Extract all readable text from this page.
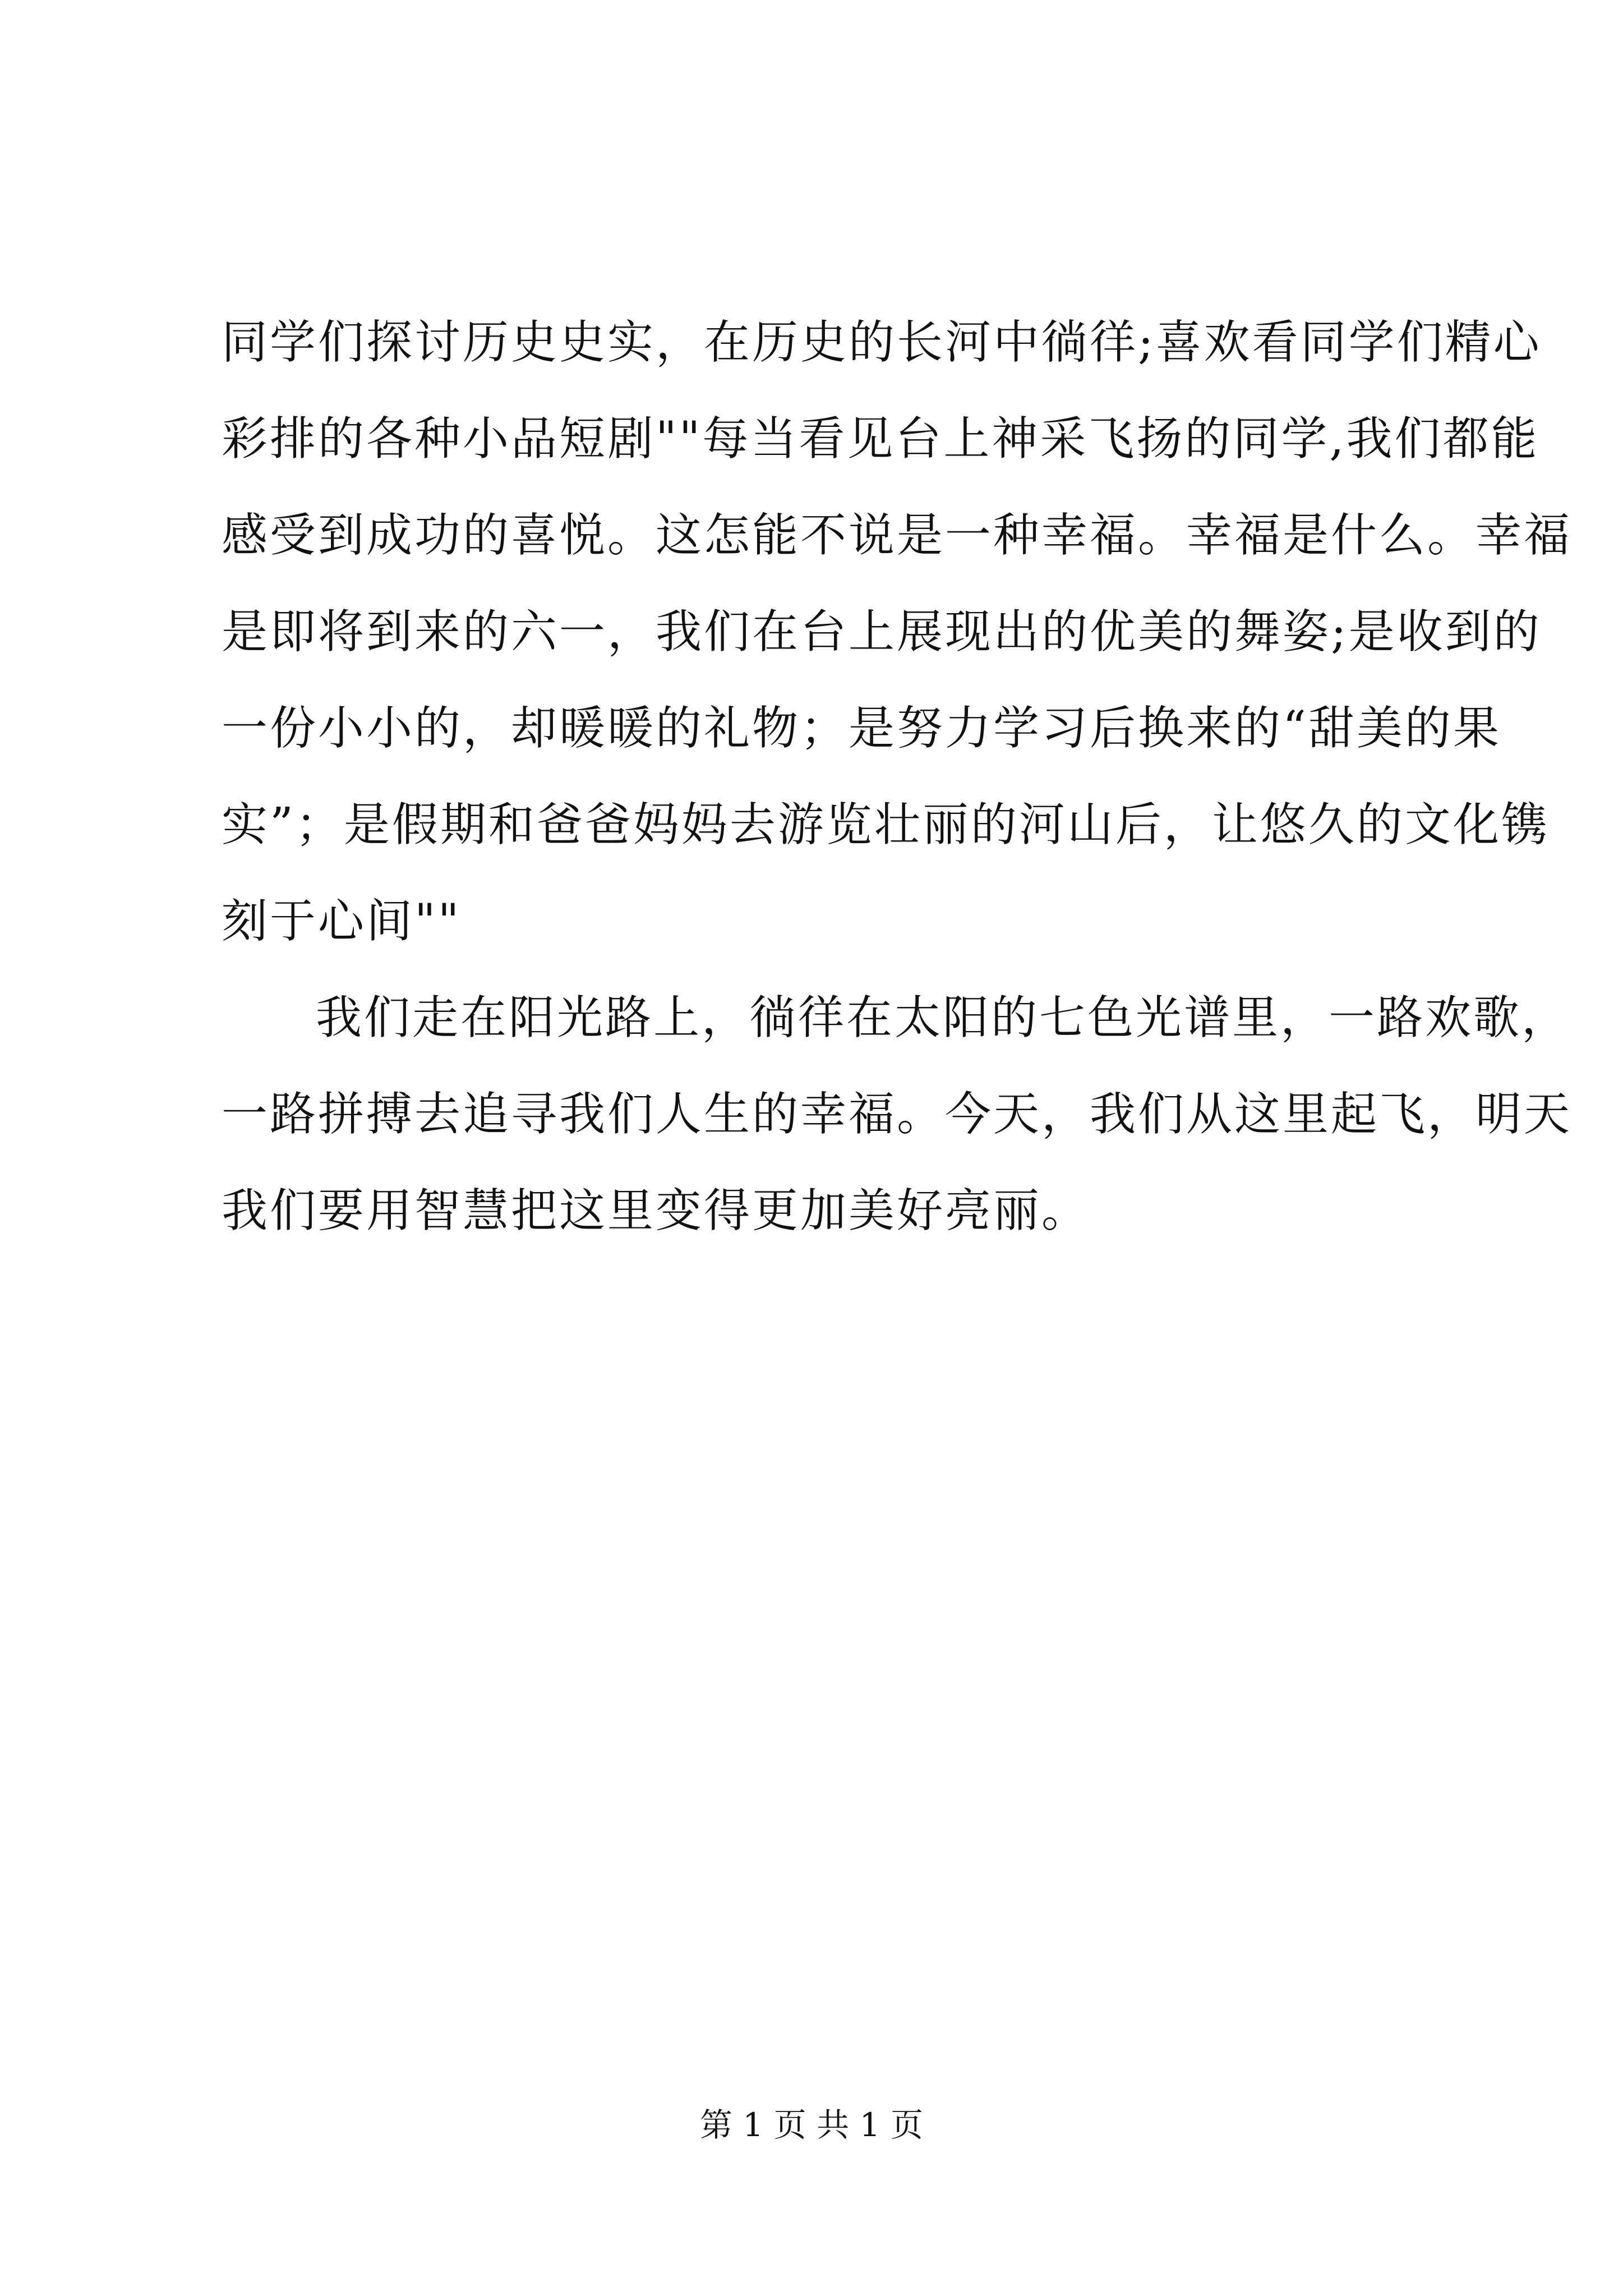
同学们探讨历史史实，在历史的长河中徜徉;喜欢看同学们精心
彩排的各种小品短剧""每当看见台上神采飞扬的同学,我们都能
感受到成功的喜悦。这怎能不说是一种幸福。幸福是什么。幸福
是即将到来的六一，我们在台上展现出的优美的舞姿;是收到的
一份小小的，却暖暖的礼物；是努力学习后换来的“甜美的果
实”；是假期和爸爸妈妈去游览壮丽的河山后，让悠久的文化镌
刻于心间""
我们走在阳光路上，徜徉在太阳的七色光谱里，一路欢歌，
一路拼搏去追寻我们人生的幸福。今天，我们从这里起飞，明天
我们要用智慧把这里变得更加美好亮丽。
第 1 页 共 1 页
